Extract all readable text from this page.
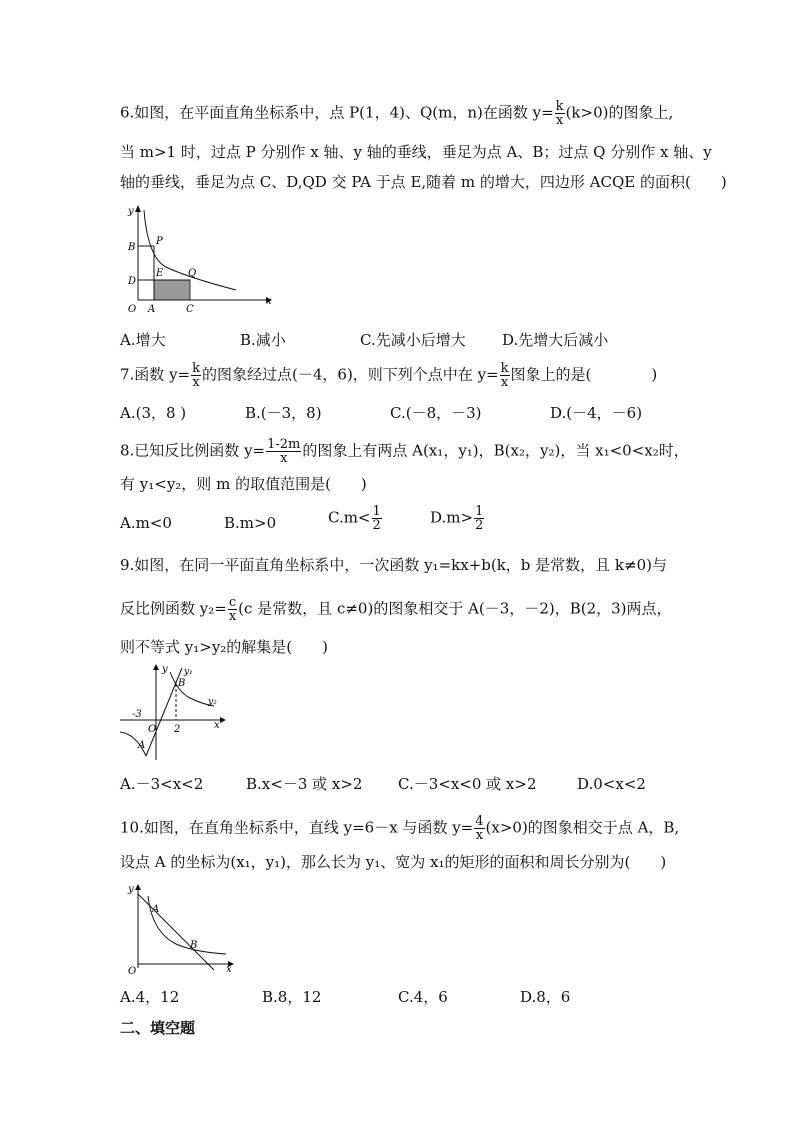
6.如图，在平面直角坐标系中，点 P(1，4)、Q(m，n)在函数 $y= \frac{k}{x} (k>0)$的图象上,
当 m>1 时，过点 P 分别作 x 轴、y 轴的垂线，垂足为点 A、B；过点 Q 分别作 x 轴、y
轴的垂线，垂足为点 C、D,QD 交 PA 于点 E,随着 m 的增大，四边形 ACQE 的面积(　　)
y
B
P
D
E Q
O A	C
x
A.增大	B.减小	C.先减小后增大 D.先增大后减小
7.函数 $y= \frac{k}{x}$ 的图象经过点(－4，6)，则下列个点中在 $y= \frac{k}{x}$ 图象上的是(　　　　)
A.(3，8 )	B.(－3，8)	C.(－8，－3)	D.(－4，－6)
8.已知反比例函数 $y= \frac{1-2m}{x}$ 的图象上有两点 A(x₁，y₁)，B(x₂，y₂)，当 x₁<0<x₂时，
有 y₁<y₂，则 m 的取值范围是(　　)
A.m<0	B.m>0	$C.m< \frac{1}{2}$	$D.m> \frac{1}{2}$
9.如图，在同一平面直角坐标系中，一次函数 y₁=kx+b(k，b 是常数，且 k≠0)与
反比例函数 $y_2= \frac{c}{x} (c$ 是常数，且 c≠0)的图象相交于 A(－3，－2)，B(2，3)两点，
则不等式 y₁>y₂的解集是(　　)
y y₁
B
y₂
-3
O 2	x
A
A.－3<x<2	B.x<－3 或 x>2 C.－3<x<0 或 x>2	D.0<x<2
10.如图，在直角坐标系中，直线 y=6－x 与函数 $y= \frac{4}{x} (x>0)$的图象相交于点 A，B,
设点 A 的坐标为(x₁，y₁)，那么长为 y₁、宽为 x₁的矩形的面积和周长分别为(　　)
y
A
B
O	x
A.4，12	B.8，12	C.4，6	D.8，6
二、填空题
